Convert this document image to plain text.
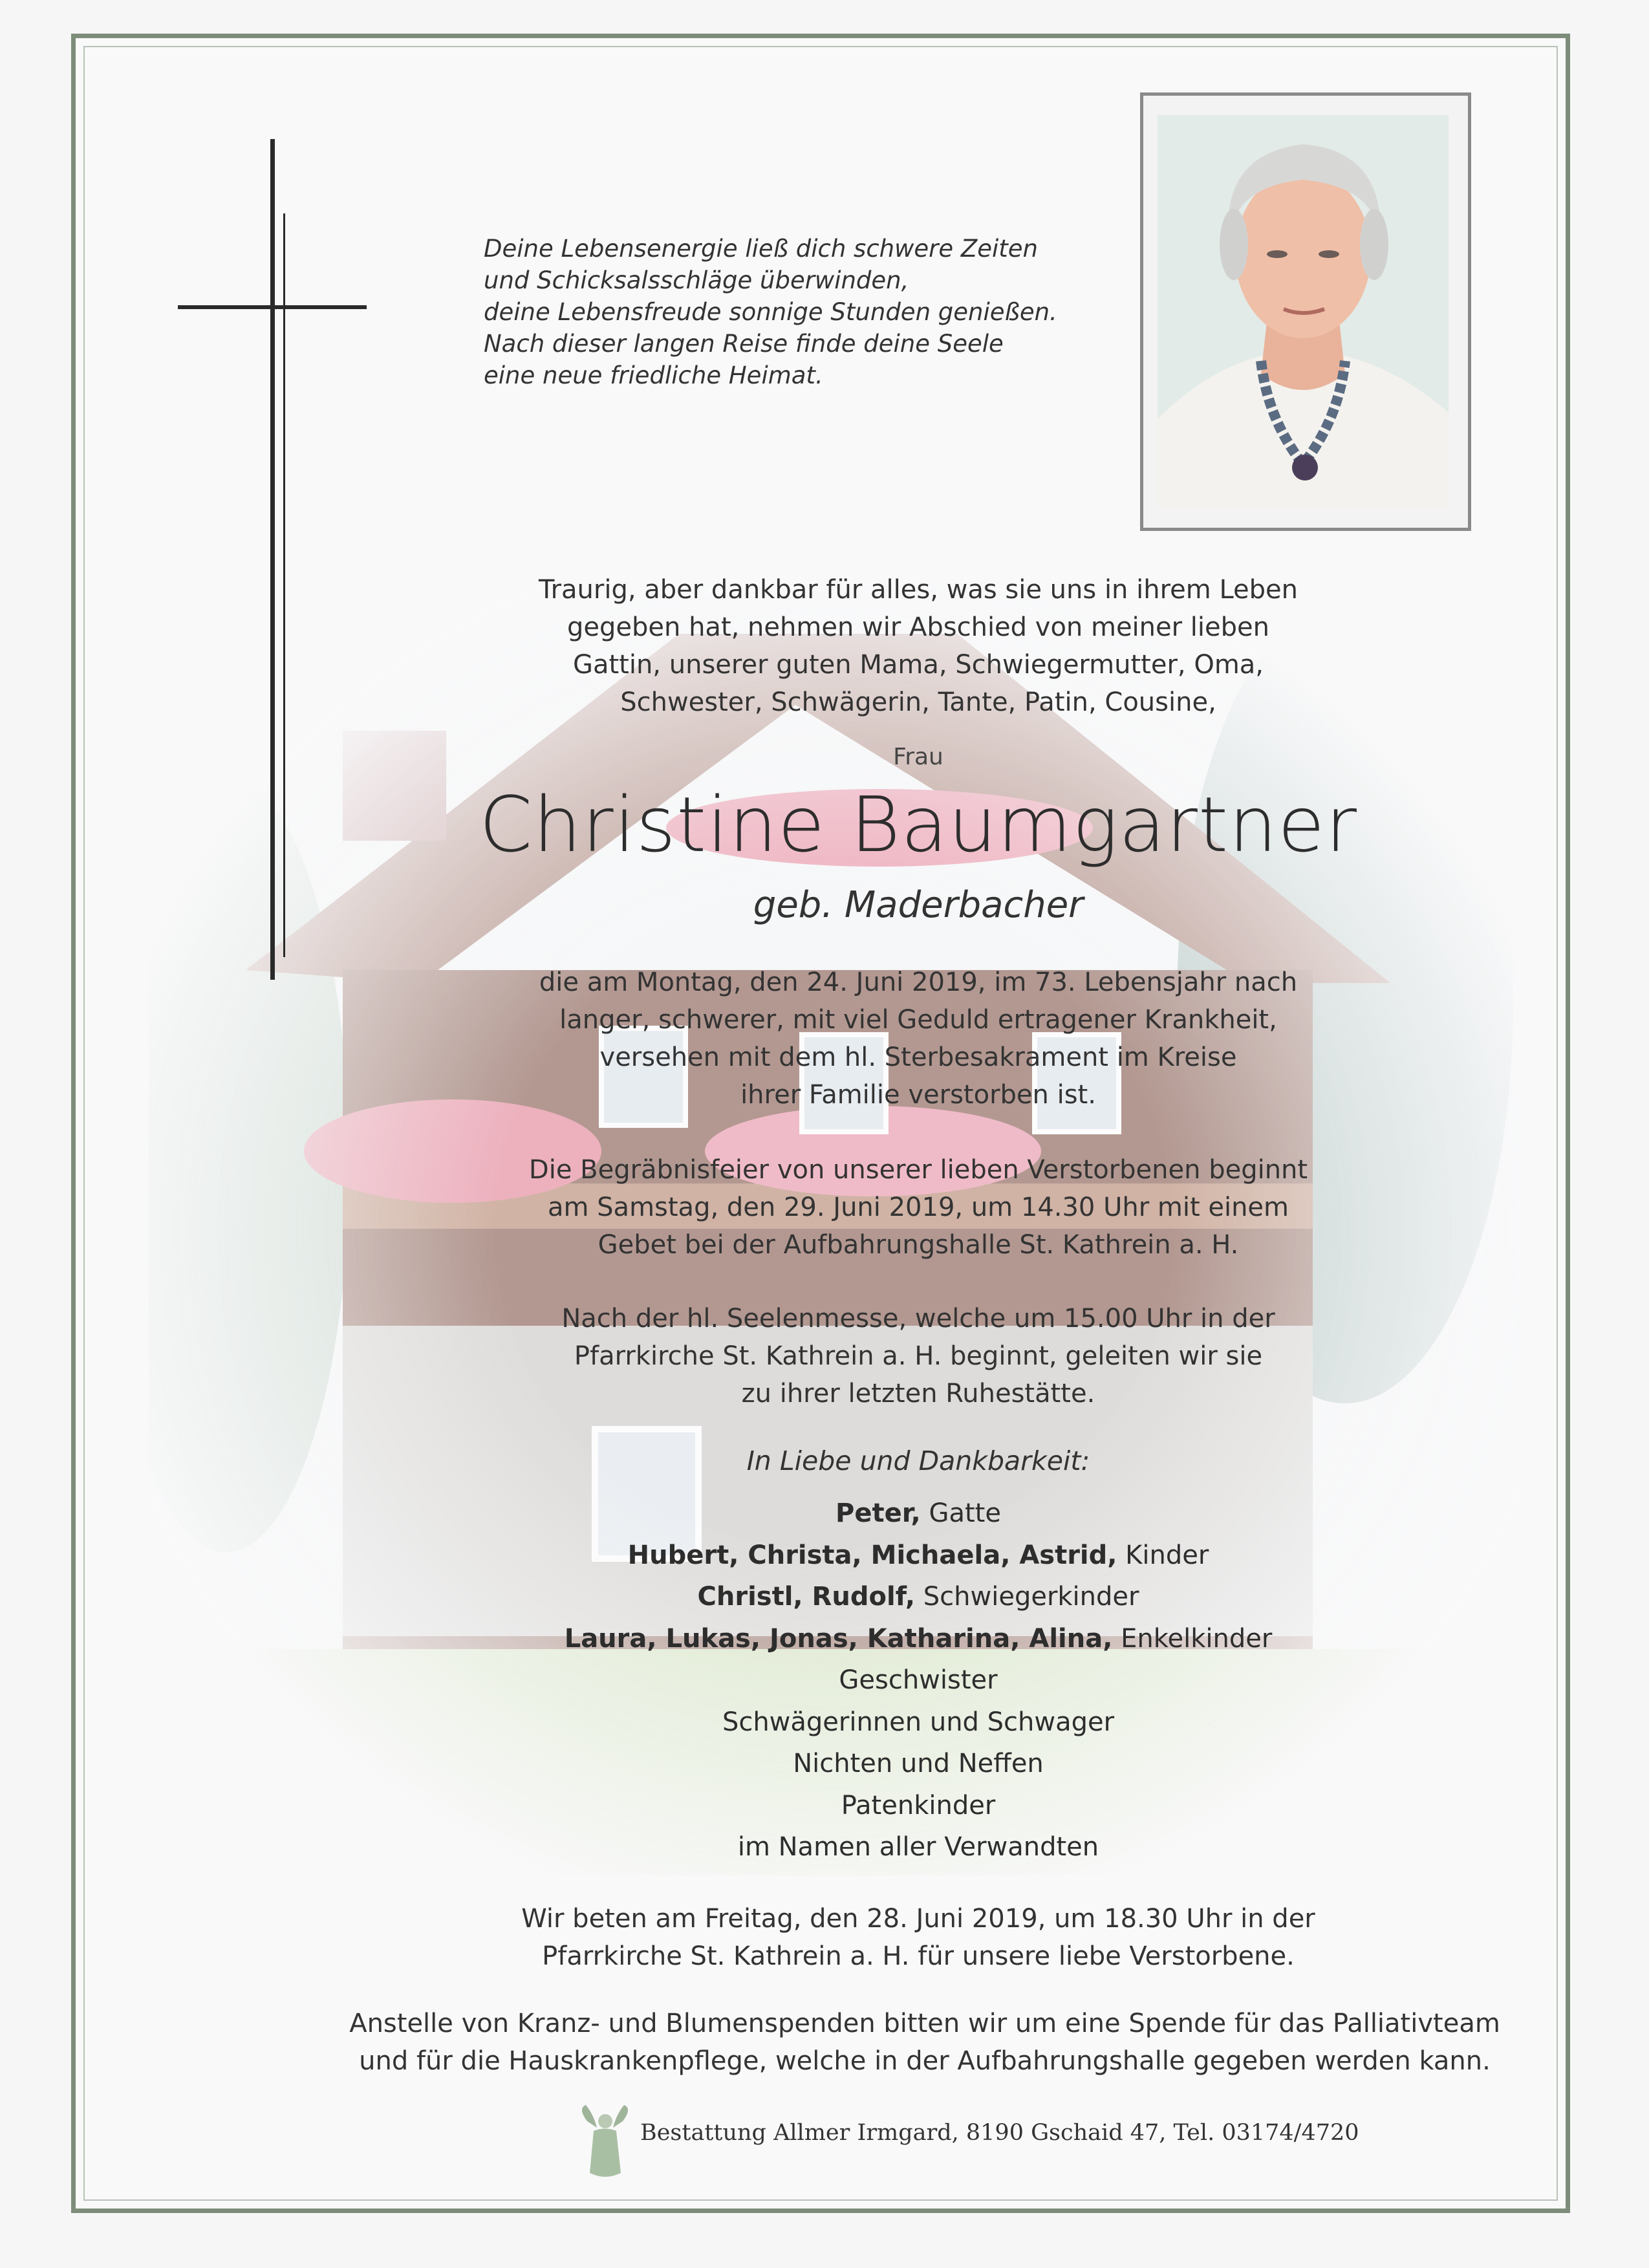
Deine Lebensenergie ließ dich schwere Zeiten
und Schicksalsschläge überwinden,
deine Lebensfreude sonnige Stunden genießen.
Nach dieser langen Reise finde deine Seele
eine neue friedliche Heimat.
Traurig, aber dankbar für alles, was sie uns in ihrem Leben
gegeben hat, nehmen wir Abschied von meiner lieben
Gattin, unserer guten Mama, Schwiegermutter, Oma,
Schwester, Schwägerin, Tante, Patin, Cousine,
Frau
Christine Baumgartner
geb. Maderbacher
die am Montag, den 24. Juni 2019, im 73. Lebensjahr nach
langer, schwerer, mit viel Geduld ertragener Krankheit,
versehen mit dem hl. Sterbesakrament im Kreise
ihrer Familie verstorben ist.
Die Begräbnisfeier von unserer lieben Verstorbenen beginnt
am Samstag, den 29. Juni 2019, um 14.30 Uhr mit einem
Gebet bei der Aufbahrungshalle St. Kathrein a. H.
Nach der hl. Seelenmesse, welche um 15.00 Uhr in der
Pfarrkirche St. Kathrein a. H. beginnt, geleiten wir sie
zu ihrer letzten Ruhestätte.
In Liebe und Dankbarkeit:
Peter, Gatte
Hubert, Christa, Michaela, Astrid, Kinder
Christl, Rudolf, Schwiegerkinder
Laura, Lukas, Jonas, Katharina, Alina, Enkelkinder
Geschwister
Schwägerinnen und Schwager
Nichten und Neffen
Patenkinder
im Namen aller Verwandten
Wir beten am Freitag, den 28. Juni 2019, um 18.30 Uhr in der
Pfarrkirche St. Kathrein a. H. für unsere liebe Verstorbene.
Anstelle von Kranz- und Blumenspenden bitten wir um eine Spende für das Palliativteam
und für die Hauskrankenpflege, welche in der Aufbahrungshalle gegeben werden kann.
Bestattung Allmer Irmgard, 8190 Gschaid 47, Tel. 03174/4720
